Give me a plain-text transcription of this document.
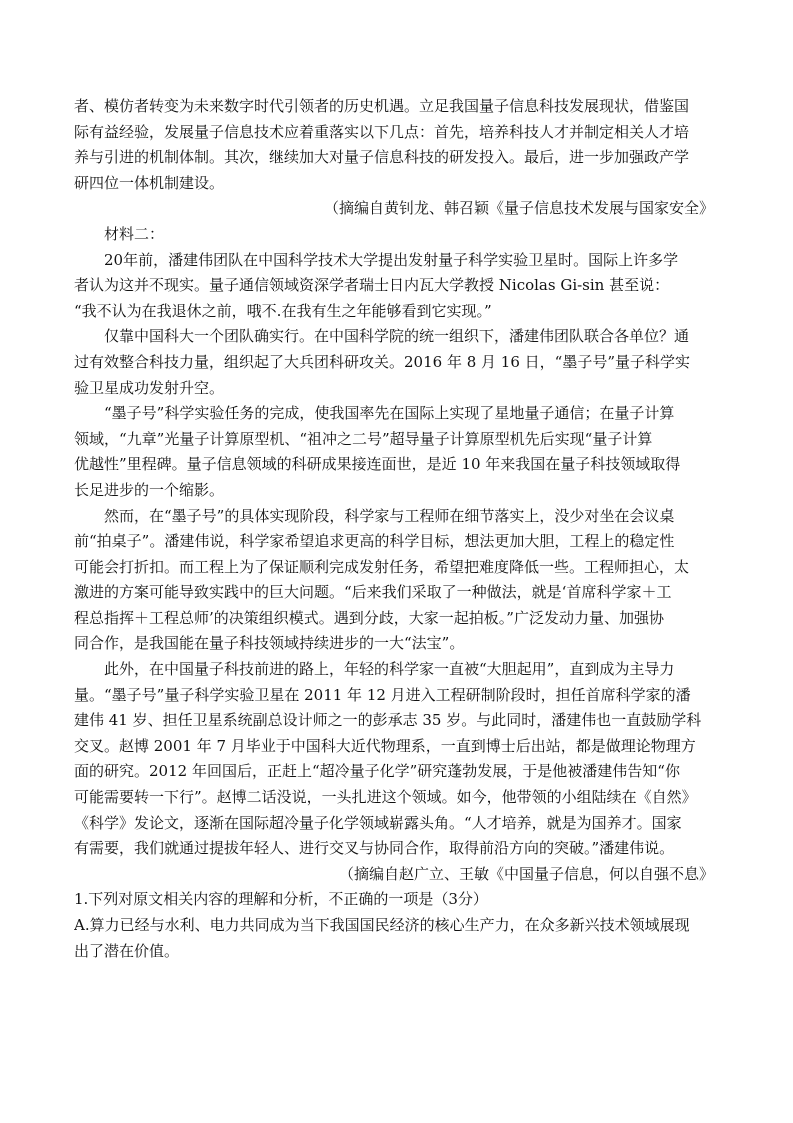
者、模仿者转变为未来数字时代引领者的历史机遇。立足我国量子信息科技发展现状，借鉴国
际有益经验，发展量子信息技术应着重落实以下几点：首先，培养科技人才并制定相关人才培
养与引进的机制体制。其次，继续加大对量子信息科技的研发投入。最后，进一步加强政产学
研四位一体机制建设。
（摘编自黄钊龙、韩召颖《量子信息技术发展与国家安全》
材料二：
20年前，潘建伟团队在中国科学技术大学提出发射量子科学实验卫星时。国际上许多学
者认为这并不现实。量子通信领域资深学者瑞士日内瓦大学教授 Nicolas Gi-sin 甚至说：
“我不认为在我退休之前，哦不.在我有生之年能够看到它实现。”
仅靠中国科大一个团队确实行。在中国科学院的统一组织下，潘建伟团队联合各单位？通
过有效整合科技力量，组织起了大兵团科研攻关。2016 年 8 月 16 日，“墨子号”量子科学实
验卫星成功发射升空。
“墨子号”科学实验任务的完成，使我国率先在国际上实现了星地量子通信；在量子计算
领域，“九章”光量子计算原型机、“祖冲之二号”超导量子计算原型机先后实现“量子计算
优越性”里程碑。量子信息领域的科研成果接连面世，是近 10 年来我国在量子科技领域取得
长足进步的一个缩影。
然而，在“墨子号”的具体实现阶段，科学家与工程师在细节落实上，没少对坐在会议桌
前“拍桌子”。潘建伟说，科学家希望追求更高的科学目标，想法更加大胆，工程上的稳定性
可能会打折扣。而工程上为了保证顺利完成发射任务，希望把难度降低一些。工程师担心，太
激进的方案可能导致实践中的巨大问题。“后来我们采取了一种做法，就是‘首席科学家＋工
程总指挥＋工程总师’的决策组织模式。遇到分歧，大家一起拍板。”广泛发动力量、加强协
同合作，是我国能在量子科技领域持续进步的一大“法宝”。
此外，在中国量子科技前进的路上，年轻的科学家一直被“大胆起用”，直到成为主导力
量。“墨子号”量子科学实验卫星在 2011 年 12 月进入工程研制阶段时，担任首席科学家的潘
建伟 41 岁、担任卫星系统副总设计师之一的彭承志 35 岁。与此同时，潘建伟也一直鼓励学科
交叉。赵博 2001 年 7 月毕业于中国科大近代物理系，一直到博士后出站，都是做理论物理方
面的研究。2012 年回国后，正赶上“超冷量子化学”研究蓬勃发展，于是他被潘建伟告知“你
可能需要转一下行”。赵博二话没说，一头扎进这个领域。如今，他带领的小组陆续在《自然》
《科学》发论文，逐渐在国际超冷量子化学领域崭露头角。“人才培养，就是为国养才。国家
有需要，我们就通过提拔年轻人、进行交叉与协同合作，取得前沿方向的突破。”潘建伟说。
（摘编自赵广立、王敏《中国量子信息，何以自强不息》
1.下列对原文相关内容的理解和分析，不正确的一项是（3分）
A.算力已经与水利、电力共同成为当下我国国民经济的核心生产力，在众多新兴技术领域展现
出了潜在价值。
